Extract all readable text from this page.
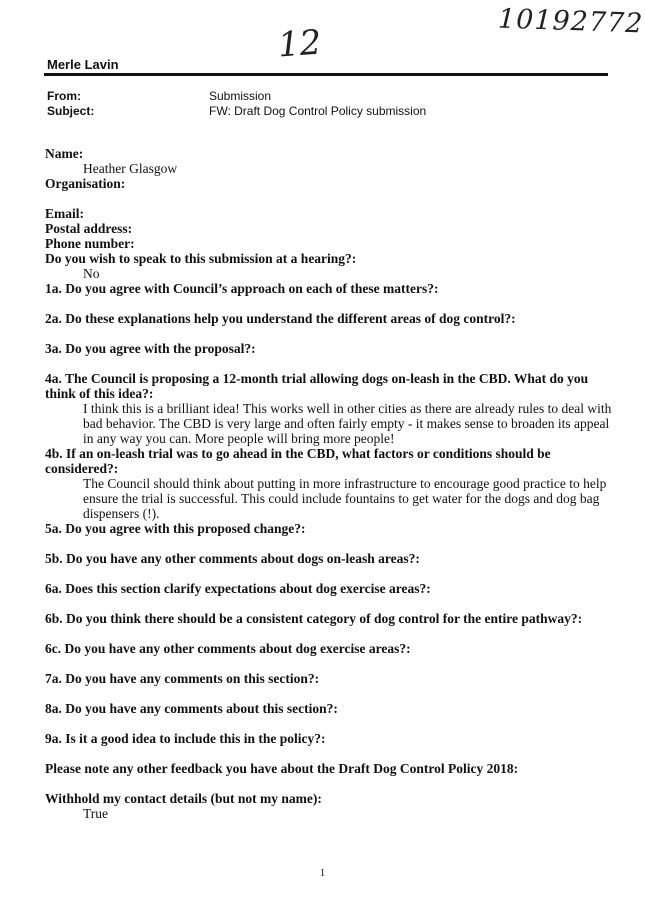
10192772
12
Merle Lavin
From:	Submission
Subject:	FW: Draft Dog Control Policy submission

Name:

Heather Glasgow

Organisation:

Email:

Postal address:

Phone number:

Do you wish to speak to this submission at a hearing?:

No

1a. Do you agree with Council’s approach on each of these matters?:

2a. Do these explanations help you understand the different areas of dog control?:

3a. Do you agree with the proposal?:

4a. The Council is proposing a 12-month trial allowing dogs on-leash in the CBD. What do you think of this idea?:

I think this is a brilliant idea! This works well in other cities as there are already rules to deal with bad behavior. The CBD is very large and often fairly empty - it makes sense to broaden its appeal in any way you can. More people will bring more people!

4b. If an on-leash trial was to go ahead in the CBD, what factors or conditions should be considered?:

The Council should think about putting in more infrastructure to encourage good practice to help ensure the trial is successful. This could include fountains to get water for the dogs and dog bag dispensers (!).

5a. Do you agree with this proposed change?:

5b. Do you have any other comments about dogs on-leash areas?:

6a. Does this section clarify expectations about dog exercise areas?:

6b. Do you think there should be a consistent category of dog control for the entire pathway?:

6c. Do you have any other comments about dog exercise areas?:

7a. Do you have any comments on this section?:

8a. Do you have any comments about this section?:

9a. Is it a good idea to include this in the policy?:

Please note any other feedback you have about the Draft Dog Control Policy 2018:

Withhold my contact details (but not my name):

True

1
